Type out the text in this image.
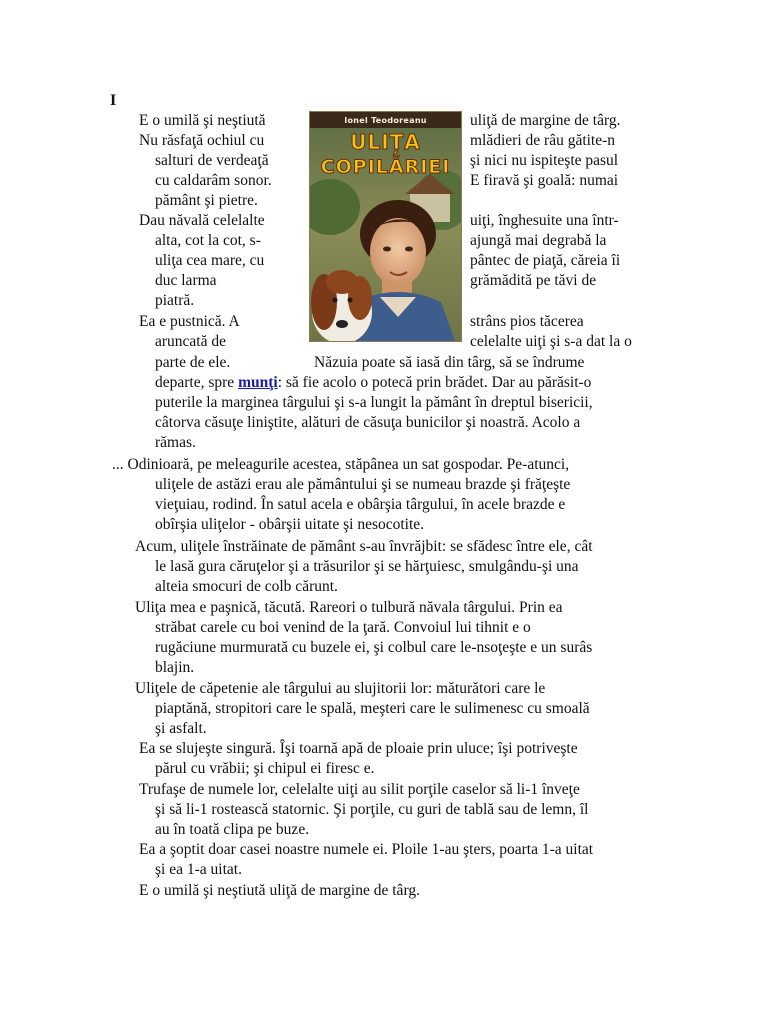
I
Ionel Teodoreanu
ULIȚA
COPILĂRIEI
E o umilă şi neştiută	uliţă de margine de târg.
Nu răsfaţă ochiul cu	mlădieri de râu gătite-n
salturi de verdeaţă	şi nici nu ispiteşte pasul
cu caldarâm sonor.	E firavă şi goală: numai
pământ şi pietre.
Dau năvală celelalte	uiţi, înghesuite una într-
alta, cot la cot, s-	ajungă mai degrabă la
uliţa cea mare, cu	pântec de piaţă, căreia îi
duc larma	grămădită pe tăvi de
piatră.
Ea e pustnică. A	strâns pios tăcerea
aruncată de	celelalte uiţi şi s-a dat la o
parte de ele.	Năzuia poate să iasă din târg, să se îndrume
departe, spre munţi: să fie acolo o potecă prin brădet. Dar au părăsit-o
puterile la marginea târgului şi s-a lungit la pământ în dreptul bisericii,
câtorva căsuţe liniştite, alături de căsuţa bunicilor şi noastră. Acolo a
rămas.
... Odinioară, pe meleagurile acestea, stăpânea un sat gospodar. Pe-atunci,
uliţele de astăzi erau ale pământului şi se numeau brazde şi frăţeşte
vieţuiau, rodind. În satul acela e obârşia târgului, în acele brazde e
obîrşia uliţelor - obârşii uitate şi nesocotite.
Acum, uliţele înstrăinate de pământ s-au învrăjbit: se sfădesc între ele, cât
le lasă gura căruţelor şi a trăsurilor şi se hărţuiesc, smulgându-şi una
alteia smocuri de colb cărunt.
Uliţa mea e paşnică, tăcută. Rareori o tulbură năvala târgului. Prin ea
străbat carele cu boi venind de la ţară. Convoiul lui tihnit e o
rugăciune murmurată cu buzele ei, şi colbul care le-nsoţeşte e un surâs
blajin.
Uliţele de căpetenie ale târgului au slujitorii lor: măturători care le
piaptănă, stropitori care le spală, meşteri care le sulimenesc cu smoală
şi asfalt.
Ea se slujeşte singură. Îşi toarnă apă de ploaie prin uluce; îşi potriveşte
părul cu vrăbii; şi chipul ei firesc e.
Trufaşe de numele lor, celelalte uiţi au silit porţile caselor să li-1 înveţe
şi să li-1 rostească statornic. Şi porţile, cu guri de tablă sau de lemn, îl
au în toată clipa pe buze.
Ea a şoptit doar casei noastre numele ei. Ploile 1-au şters, poarta 1-a uitat
şi ea 1-a uitat.
E o umilă şi neştiută uliţă de margine de târg.
